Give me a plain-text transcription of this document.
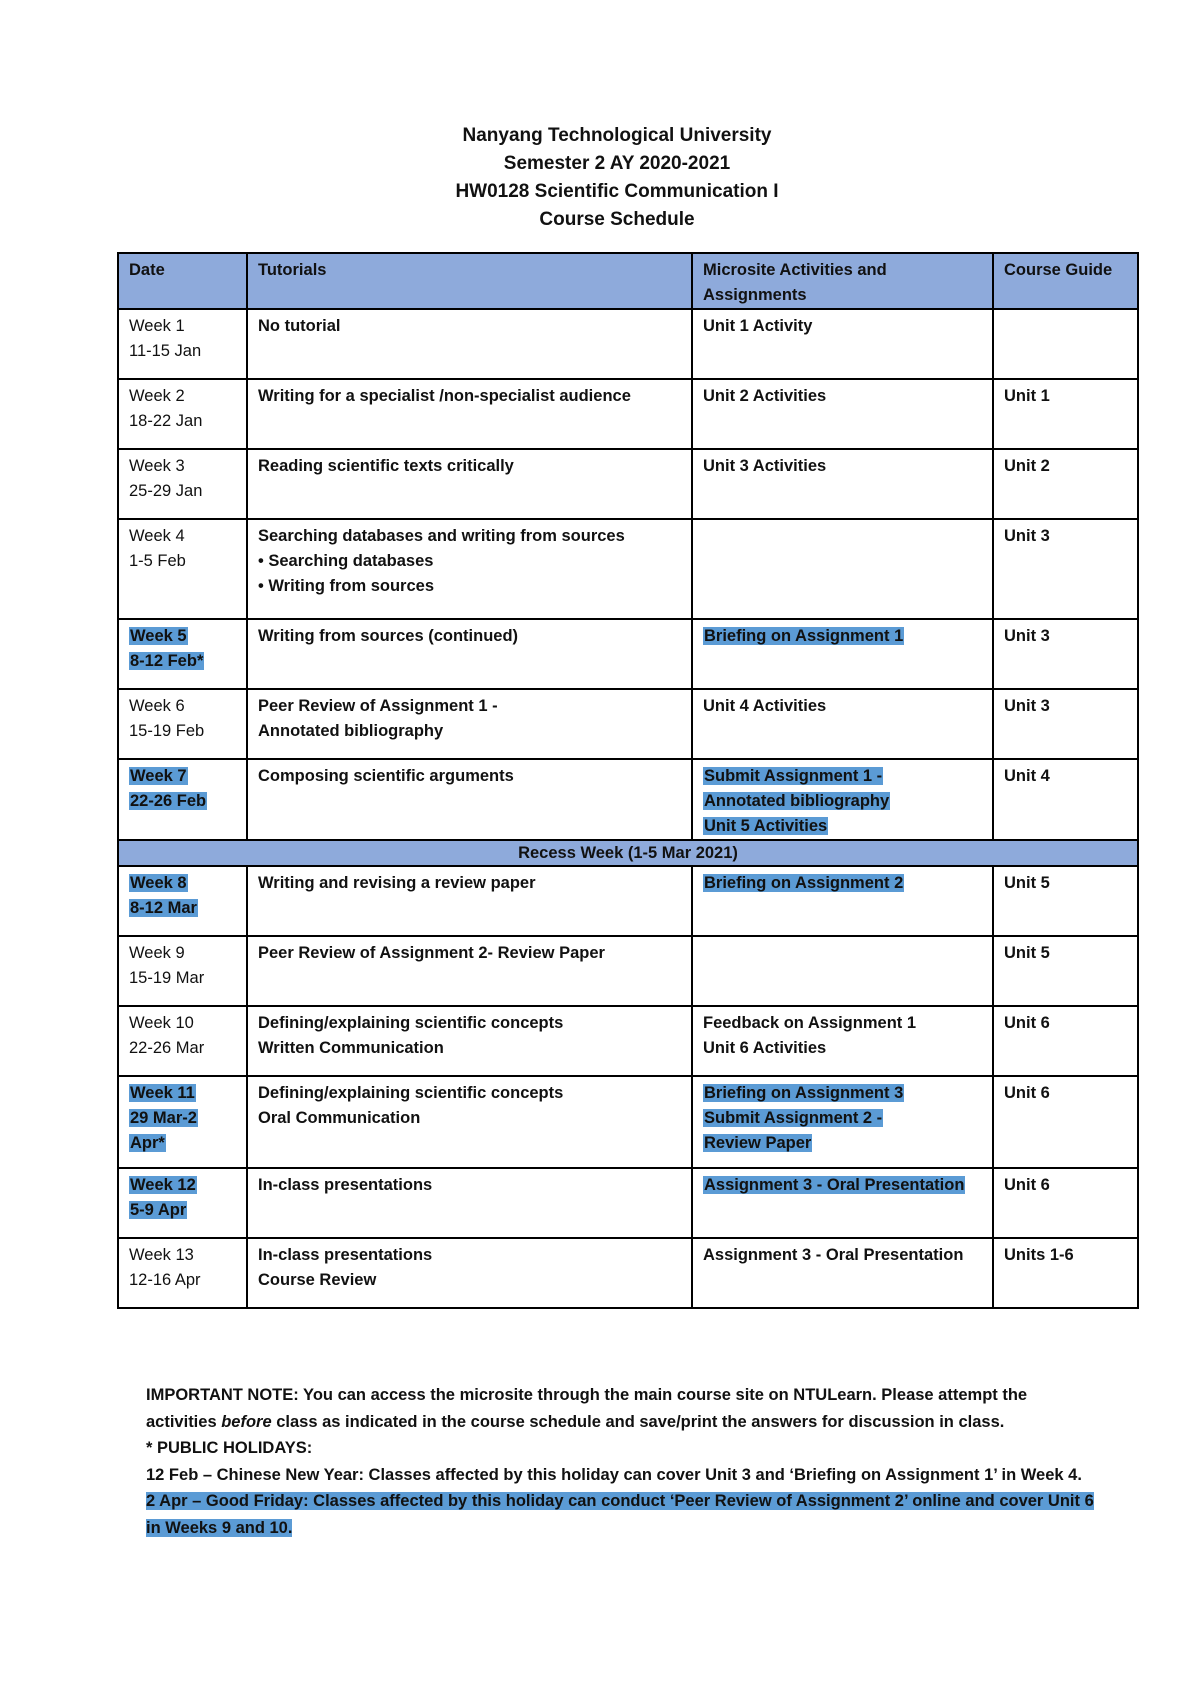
Nanyang Technological University
Semester 2 AY 2020-2021
HW0128 Scientific Communication I
Course Schedule
Date	Tutorials	Microsite Activities and Assignments	Course Guide

Week 1
11-15 Jan	No tutorial	Unit 1 Activity	

Week 2
18-22 Jan	Writing for a specialist /non-specialist audience	Unit 2 Activities	Unit 1

Week 3
25-29 Jan	Reading scientific texts critically	Unit 3 Activities	Unit 2

Week 4
1-5 Feb	Searching databases and writing from sources
• Searching databases
• Writing from sources		Unit 3

Week 5
8-12 Feb*	Writing from sources (continued)	Briefing on Assignment 1	Unit 3

Week 6
15-19 Feb	Peer Review of Assignment 1 -
Annotated bibliography	Unit 4 Activities	Unit 3

Week 7
22-26 Feb	Composing scientific arguments	Submit Assignment 1 -
Annotated bibliography
Unit 5 Activities	Unit 4
Recess Week (1-5 Mar 2021)			

Week 8
8-12 Mar	Writing and revising a review paper	Briefing on Assignment 2	Unit 5

Week 9
15-19 Mar	Peer Review of Assignment 2- Review Paper		Unit 5

Week 10
22-26 Mar	Defining/explaining scientific concepts
Written Communication	Feedback on Assignment 1
Unit 6 Activities	Unit 6

Week 11
29 Mar-2
Apr*	Defining/explaining scientific concepts
Oral Communication	Briefing on Assignment 3
Submit Assignment 2 -
Review Paper	Unit 6

Week 12
5-9 Apr	In-class presentations	Assignment 3 - Oral Presentation	Unit 6

Week 13
12-16 Apr	In-class presentations
Course Review	Assignment 3 - Oral Presentation	Units 1-6

IMPORTANT NOTE: You can access the microsite through the main course site on NTULearn. Please attempt the activities before class as indicated in the course schedule and save/print the answers for discussion in class.

* PUBLIC HOLIDAYS:

12 Feb – Chinese New Year: Classes affected by this holiday can cover Unit 3 and ‘Briefing on Assignment 1’ in Week 4.

2 Apr – Good Friday: Classes affected by this holiday can conduct ‘Peer Review of Assignment 2’ online and cover Unit 6 in Weeks 9 and 10.
